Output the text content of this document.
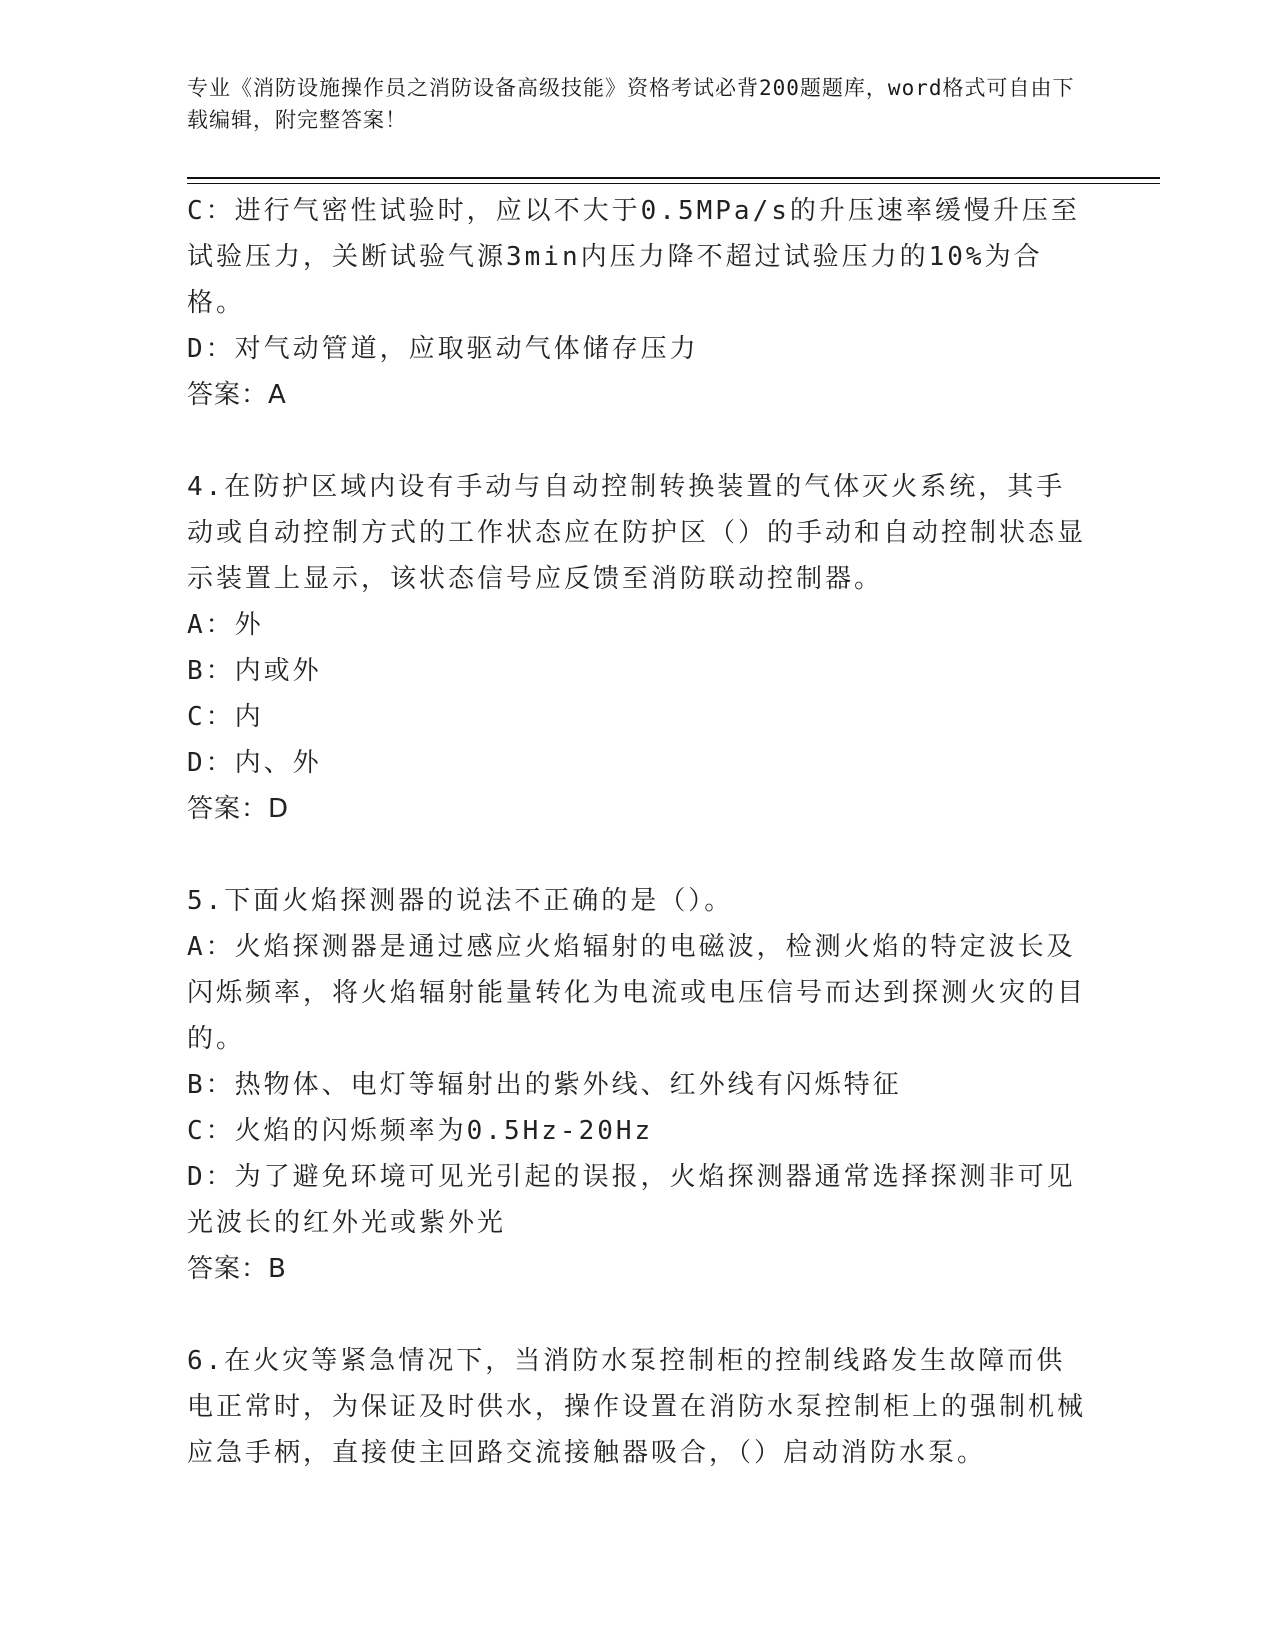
专业《消防设施操作员之消防设备高级技能》资格考试必背200题题库，word格式可自由下载编辑，附完整答案！

C：进行气密性试验时，应以不大于0.5MPa/s的升压速率缓慢升压至试验压力，关断试验气源3min内压力降不超过试验压力的10%为合格。

D：对气动管道，应取驱动气体储存压力

答案：A

4.在防护区域内设有手动与自动控制转换装置的气体灭火系统，其手动或自动控制方式的工作状态应在防护区（）的手动和自动控制状态显示装置上显示，该状态信号应反馈至消防联动控制器。

A：外

B：内或外

C：内

D：内、外

答案：D

5.下面火焰探测器的说法不正确的是（）。

A：火焰探测器是通过感应火焰辐射的电磁波，检测火焰的特定波长及闪烁频率，将火焰辐射能量转化为电流或电压信号而达到探测火灾的目的。

B：热物体、电灯等辐射出的紫外线、红外线有闪烁特征

C：火焰的闪烁频率为0.5Hz-20Hz

D：为了避免环境可见光引起的误报，火焰探测器通常选择探测非可见光波长的红外光或紫外光

答案：B

6.在火灾等紧急情况下，当消防水泵控制柜的控制线路发生故障而供电正常时，为保证及时供水，操作设置在消防水泵控制柜上的强制机械应急手柄，直接使主回路交流接触器吸合，（）启动消防水泵。
